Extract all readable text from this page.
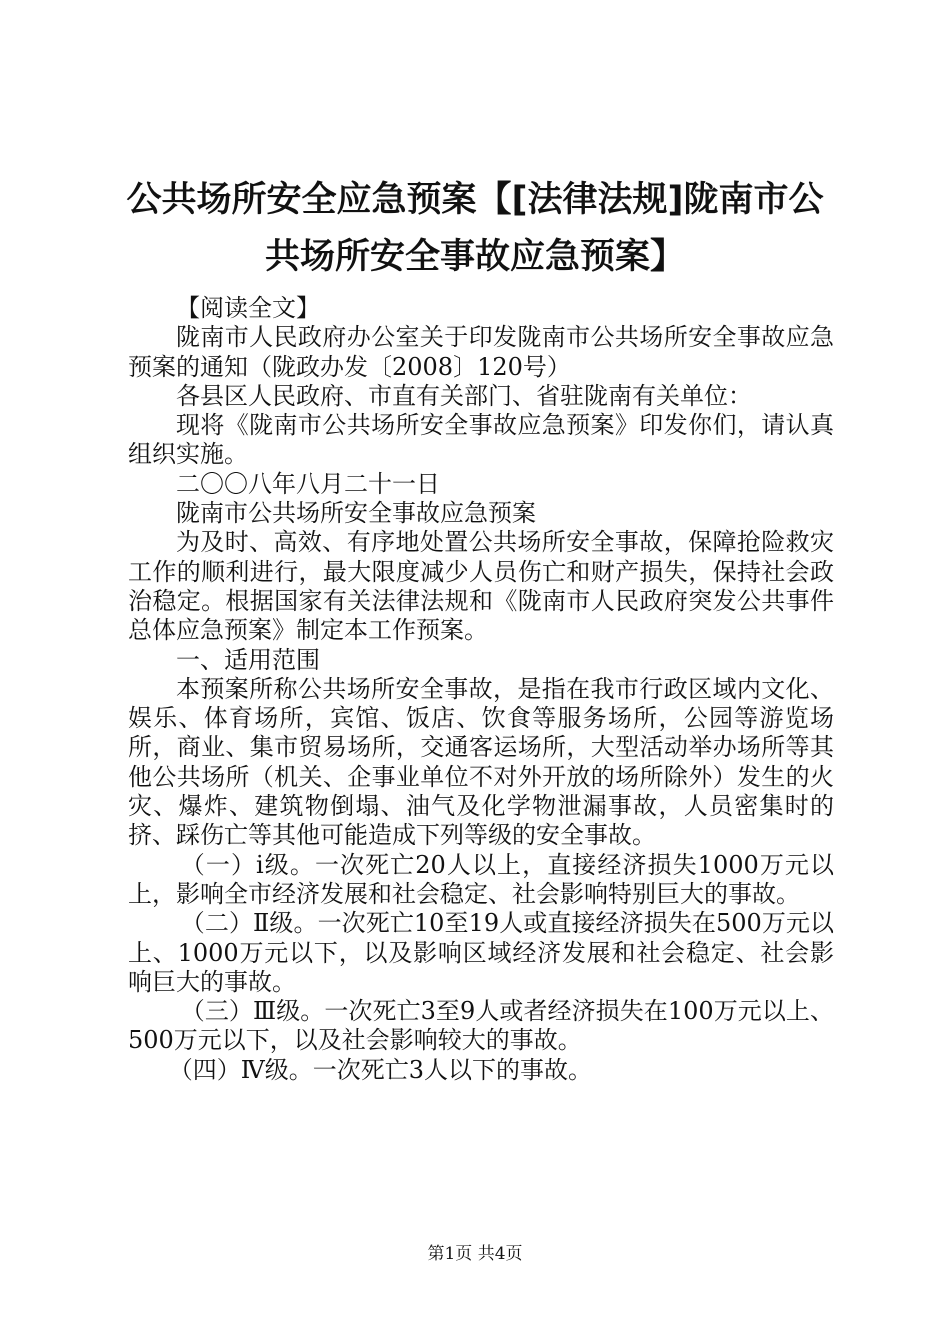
公共场所安全应急预案【[法律法规]陇南市公共场所安全事故应急预案】

【阅读全文】

陇南市人民政府办公室关于印发陇南市公共场所安全事故应急预案的通知（陇政办发〔2008〕120号）

各县区人民政府、市直有关部门、省驻陇南有关单位：

现将《陇南市公共场所安全事故应急预案》印发你们，请认真组织实施。

二〇〇八年八月二十一日

陇南市公共场所安全事故应急预案

为及时、高效、有序地处置公共场所安全事故，保障抢险救灾工作的顺利进行，最大限度减少人员伤亡和财产损失，保持社会政治稳定。根据国家有关法律法规和《陇南市人民政府突发公共事件总体应急预案》制定本工作预案。

一、适用范围

本预案所称公共场所安全事故，是指在我市行政区域内文化、娱乐、体育场所，宾馆、饭店、饮食等服务场所，公园等游览场所，商业、集市贸易场所，交通客运场所，大型活动举办场所等其他公共场所（机关、企事业单位不对外开放的场所除外）发生的火灾、爆炸、建筑物倒塌、油气及化学物泄漏事故，人员密集时的挤、踩伤亡等其他可能造成下列等级的安全事故。

（一）ⅰ级。一次死亡20人以上，直接经济损失1000万元以上，影响全市经济发展和社会稳定、社会影响特别巨大的事故。

（二）Ⅱ级。一次死亡10至19人或直接经济损失在500万元以上、1000万元以下，以及影响区域经济发展和社会稳定、社会影响巨大的事故。

（三）Ⅲ级。一次死亡3至9人或者经济损失在100万元以上、500万元以下，以及社会影响较大的事故。

（四）Ⅳ级。一次死亡3人以下的事故。

第1页 共4页
